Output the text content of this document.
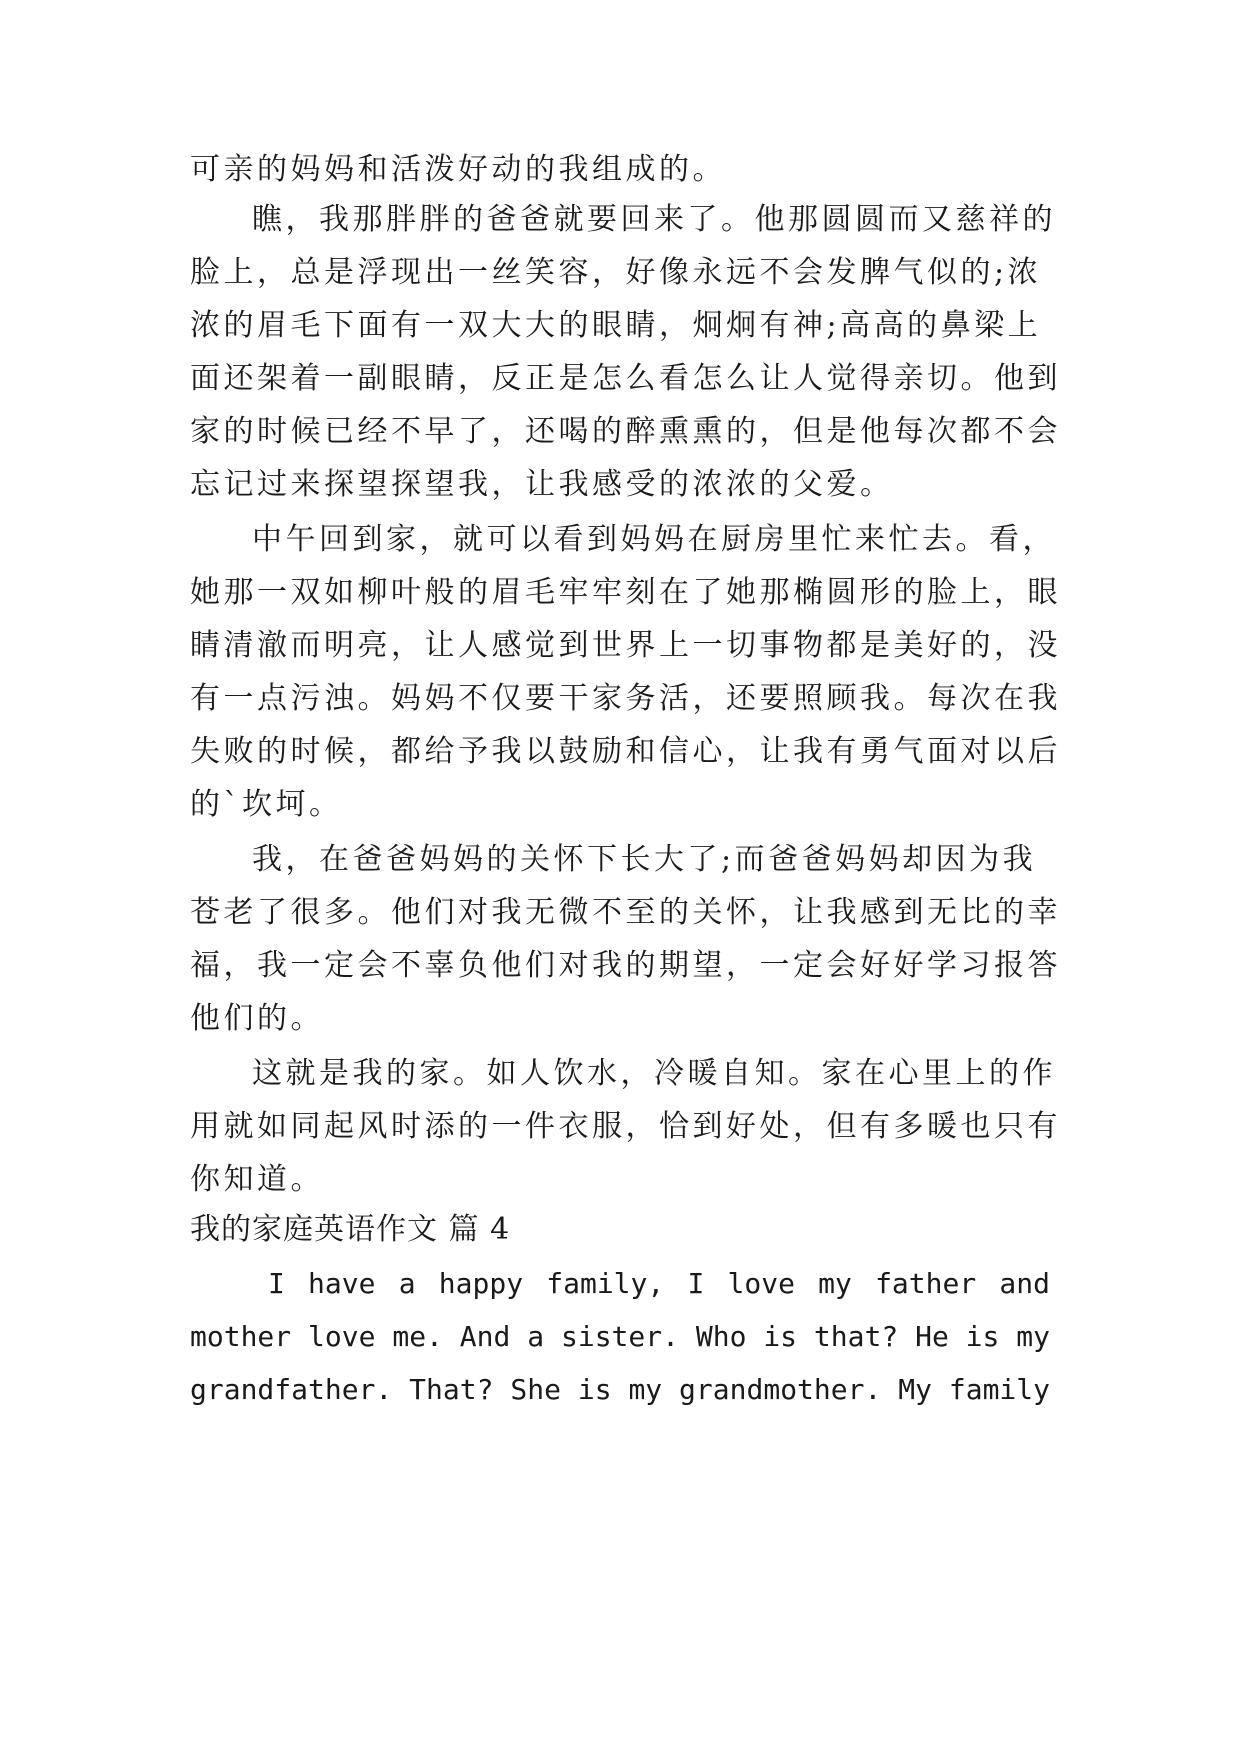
可亲的妈妈和活泼好动的我组成的。
瞧，我那胖胖的爸爸就要回来了。他那圆圆而又慈祥的
脸上，总是浮现出一丝笑容，好像永远不会发脾气似的;浓
浓的眉毛下面有一双大大的眼睛，炯炯有神;高高的鼻梁上
面还架着一副眼睛，反正是怎么看怎么让人觉得亲切。他到
家的时候已经不早了，还喝的醉熏熏的，但是他每次都不会
忘记过来探望探望我，让我感受的浓浓的父爱。
中午回到家，就可以看到妈妈在厨房里忙来忙去。看，
她那一双如柳叶般的眉毛牢牢刻在了她那椭圆形的脸上，眼
睛清澈而明亮，让人感觉到世界上一切事物都是美好的，没
有一点污浊。妈妈不仅要干家务活，还要照顾我。每次在我
失败的时候，都给予我以鼓励和信心，让我有勇气面对以后
的`坎坷。
我，在爸爸妈妈的关怀下长大了;而爸爸妈妈却因为我
苍老了很多。他们对我无微不至的关怀，让我感到无比的幸
福，我一定会不辜负他们对我的期望，一定会好好学习报答
他们的。
这就是我的家。如人饮水，冷暖自知。家在心里上的作
用就如同起风时添的一件衣服，恰到好处，但有多暖也只有
你知道。
我的家庭英语作文 篇 4
I have a happy family, I love my father and
mother love me. And a sister. Who is that? He is my
grandfather. That? She is my grandmother. My family
